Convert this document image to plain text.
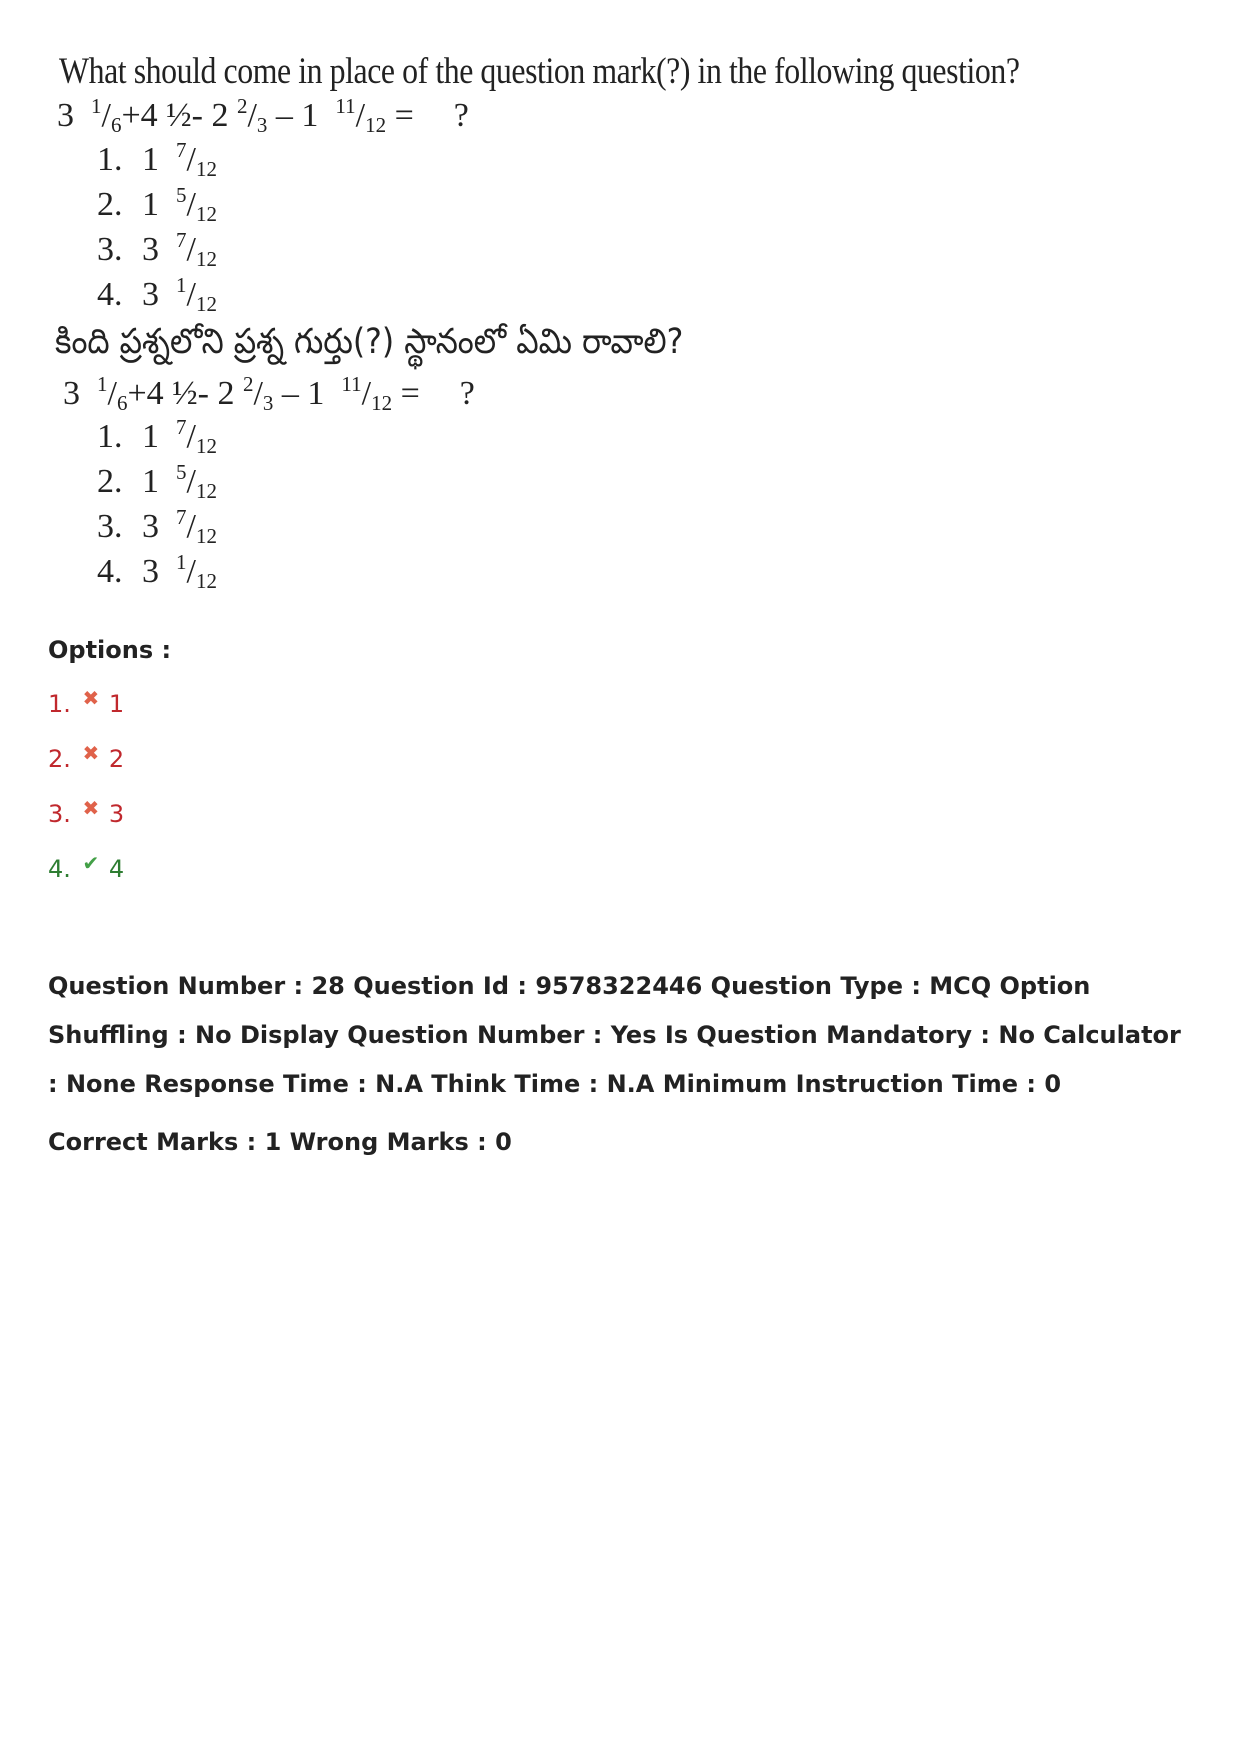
What should come in place of the question mark(?) in the following question?
3 $^1/_6+4$ ½- 2 $^2/_3 - 1$ $^{11}/_{12}$ = ?
1. 1 $^7/_{12}$
2. 1 $^5/_{12}$
3. 3 $^7/_{12}$
4. 3 $^1/_{12}$
కింది ప్రశ్నలోని ప్రశ్న గుర్తు(?) స్థానంలో ఏమి రావాలి?
3 $^1/_6+4$ ½- 2 $^2/_3 - 1$ $^{11}/_{12}$ = ?
1. 1 $^7/_{12}$
2. 1 $^5/_{12}$
3. 3 $^7/_{12}$
4. 3 $^1/_{12}$
Options :
1. ✖ 1
2. ✖ 2
3. ✖ 3
4. ✔ 4
Question Number : 28 Question Id : 9578322446 Question Type : MCQ Option Shuffling : No Display Question Number : Yes Is Question Mandatory : No Calculator : None Response Time : N.A Think Time : N.A Minimum Instruction Time : 0
Correct Marks : 1 Wrong Marks : 0
